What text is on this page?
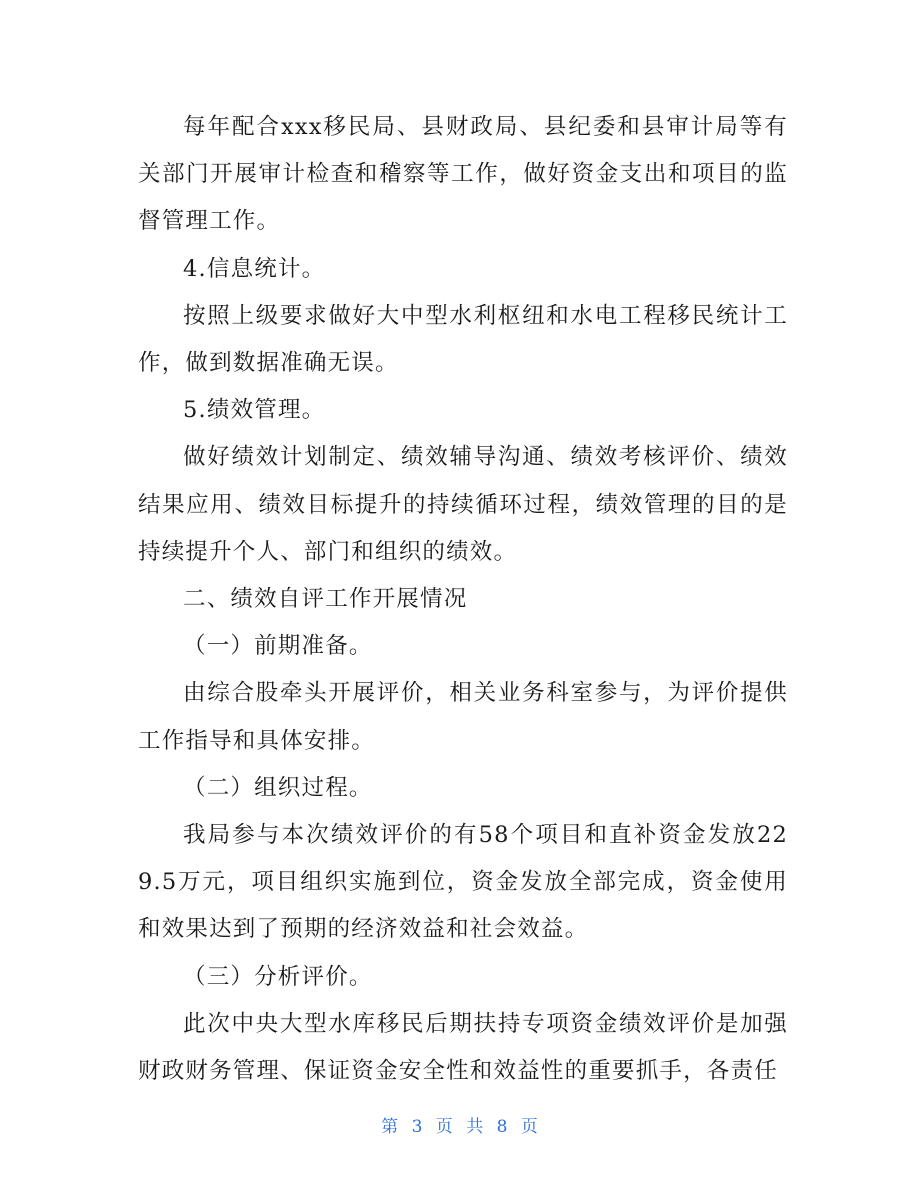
每年配合xxx移民局、县财政局、县纪委和县审计局等有关部门开展审计检查和稽察等工作，做好资金支出和项目的监督管理工作。

4.信息统计。

按照上级要求做好大中型水利枢纽和水电工程移民统计工作，做到数据准确无误。

5.绩效管理。

做好绩效计划制定、绩效辅导沟通、绩效考核评价、绩效结果应用、绩效目标提升的持续循环过程，绩效管理的目的是持续提升个人、部门和组织的绩效。

二、绩效自评工作开展情况

（一）前期准备。

由综合股牵头开展评价，相关业务科室参与，为评价提供工作指导和具体安排。

（二）组织过程。

我局参与本次绩效评价的有58个项目和直补资金发放229.5万元，项目组织实施到位，资金发放全部完成，资金使用和效果达到了预期的经济效益和社会效益。

（三）分析评价。

此次中央大型水库移民后期扶持专项资金绩效评价是加强财政财务管理、保证资金安全性和效益性的重要抓手，各责任

第 3 页 共 8 页
